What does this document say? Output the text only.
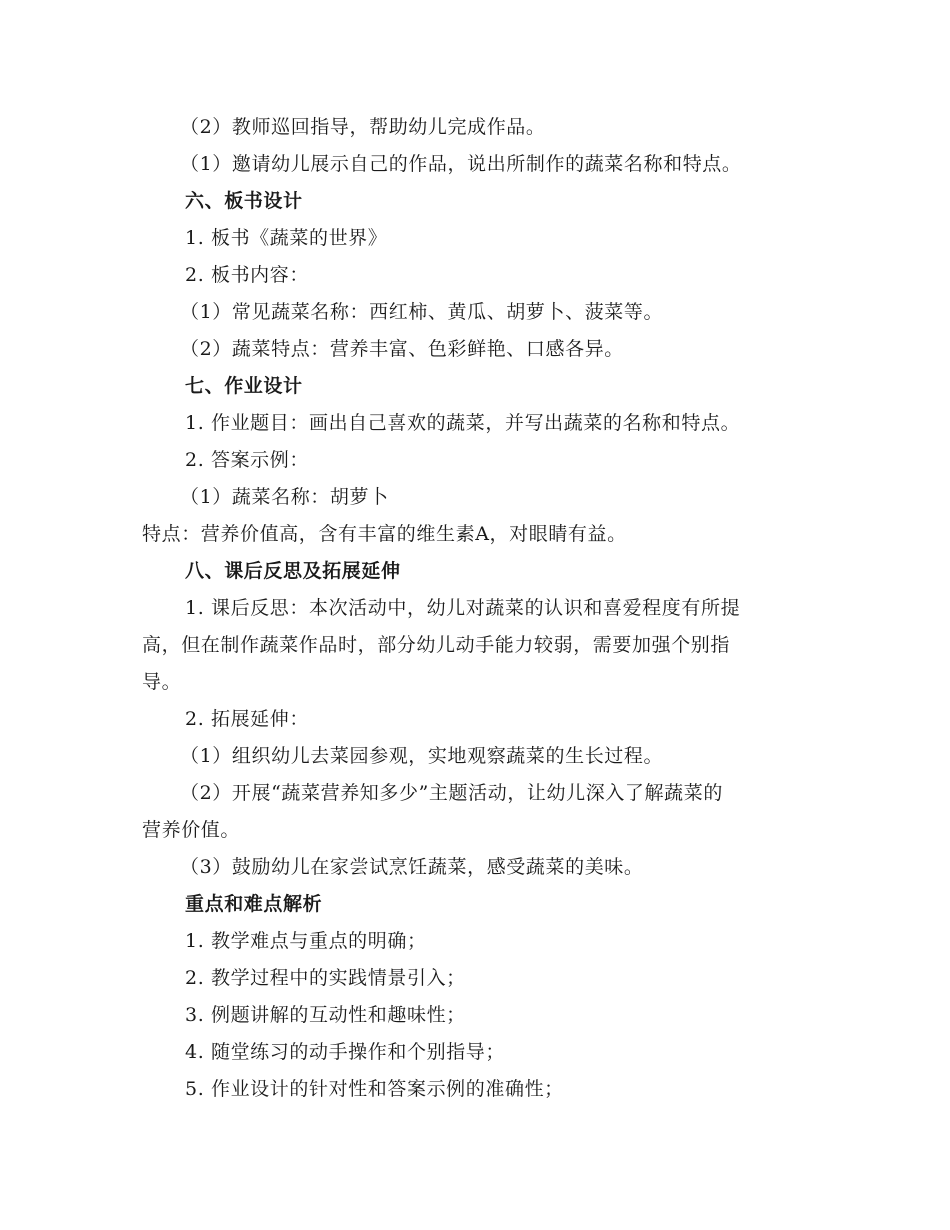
（2）教师巡回指导，帮助幼儿完成作品。
（1）邀请幼儿展示自己的作品，说出所制作的蔬菜名称和特点。
六、板书设计
1. 板书《蔬菜的世界》
2. 板书内容：
（1）常见蔬菜名称：西红柿、黄瓜、胡萝卜、菠菜等。
（2）蔬菜特点：营养丰富、色彩鲜艳、口感各异。
七、作业设计
1. 作业题目：画出自己喜欢的蔬菜，并写出蔬菜的名称和特点。
2. 答案示例：
（1）蔬菜名称：胡萝卜
特点：营养价值高，含有丰富的维生素A，对眼睛有益。
八、课后反思及拓展延伸
1. 课后反思：本次活动中，幼儿对蔬菜的认识和喜爱程度有所提
高，但在制作蔬菜作品时，部分幼儿动手能力较弱，需要加强个别指
导。
2. 拓展延伸：
（1）组织幼儿去菜园参观，实地观察蔬菜的生长过程。
（2）开展“蔬菜营养知多少”主题活动，让幼儿深入了解蔬菜的
营养价值。
（3）鼓励幼儿在家尝试烹饪蔬菜，感受蔬菜的美味。
重点和难点解析
1. 教学难点与重点的明确；
2. 教学过程中的实践情景引入；
3. 例题讲解的互动性和趣味性；
4. 随堂练习的动手操作和个别指导；
5. 作业设计的针对性和答案示例的准确性；
